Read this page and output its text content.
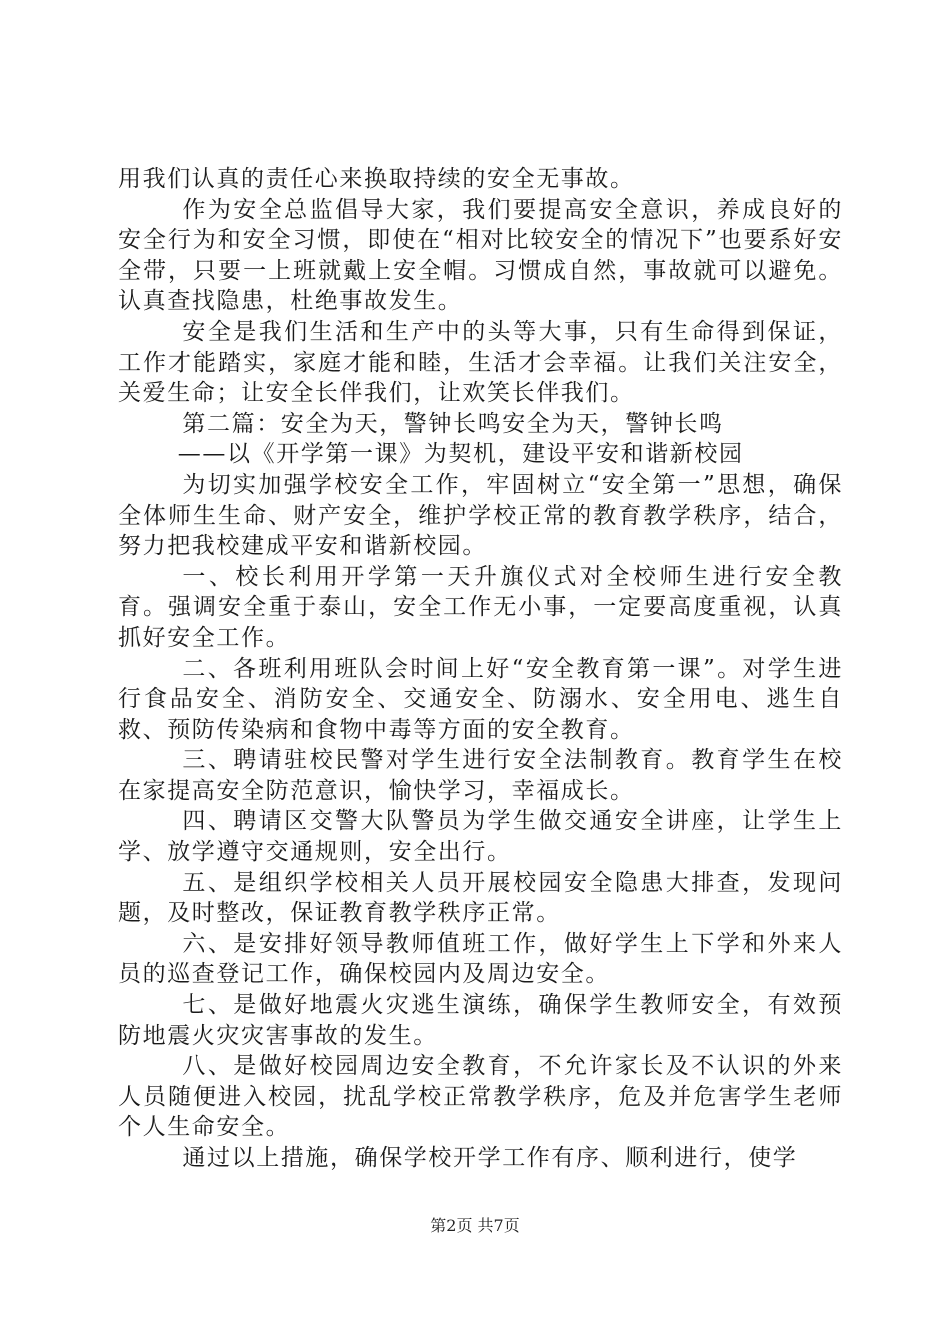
用我们认真的责任心来换取持续的安全无事故。

作为安全总监倡导大家，我们要提高安全意识，养成良好的安全行为和安全习惯，即使在“相对比较安全的情况下”也要系好安全带，只要一上班就戴上安全帽。习惯成自然，事故就可以避免。认真查找隐患，杜绝事故发生。

安全是我们生活和生产中的头等大事，只有生命得到保证，工作才能踏实，家庭才能和睦，生活才会幸福。让我们关注安全，关爱生命；让安全长伴我们，让欢笑长伴我们。

第二篇：安全为天，警钟长鸣安全为天，警钟长鸣

——以《开学第一课》为契机，建设平安和谐新校园

为切实加强学校安全工作，牢固树立“安全第一”思想，确保全体师生生命、财产安全，维护学校正常的教育教学秩序，结合，努力把我校建成平安和谐新校园。

一、校长利用开学第一天升旗仪式对全校师生进行安全教育。强调安全重于泰山，安全工作无小事，一定要高度重视，认真抓好安全工作。

二、各班利用班队会时间上好“安全教育第一课”。对学生进行食品安全、消防安全、交通安全、防溺水、安全用电、逃生自救、预防传染病和食物中毒等方面的安全教育。

三、聘请驻校民警对学生进行安全法制教育。教育学生在校在家提高安全防范意识，愉快学习，幸福成长。

四、聘请区交警大队警员为学生做交通安全讲座，让学生上学、放学遵守交通规则，安全出行。

五、是组织学校相关人员开展校园安全隐患大排查，发现问题，及时整改，保证教育教学秩序正常。

六、是安排好领导教师值班工作，做好学生上下学和外来人员的巡查登记工作，确保校园内及周边安全。

七、是做好地震火灾逃生演练，确保学生教师安全，有效预防地震火灾灾害事故的发生。

八、是做好校园周边安全教育，不允许家长及不认识的外来人员随便进入校园，扰乱学校正常教学秩序，危及并危害学生老师个人生命安全。

通过以上措施，确保学校开学工作有序、顺利进行，使学

第2页 共7页
